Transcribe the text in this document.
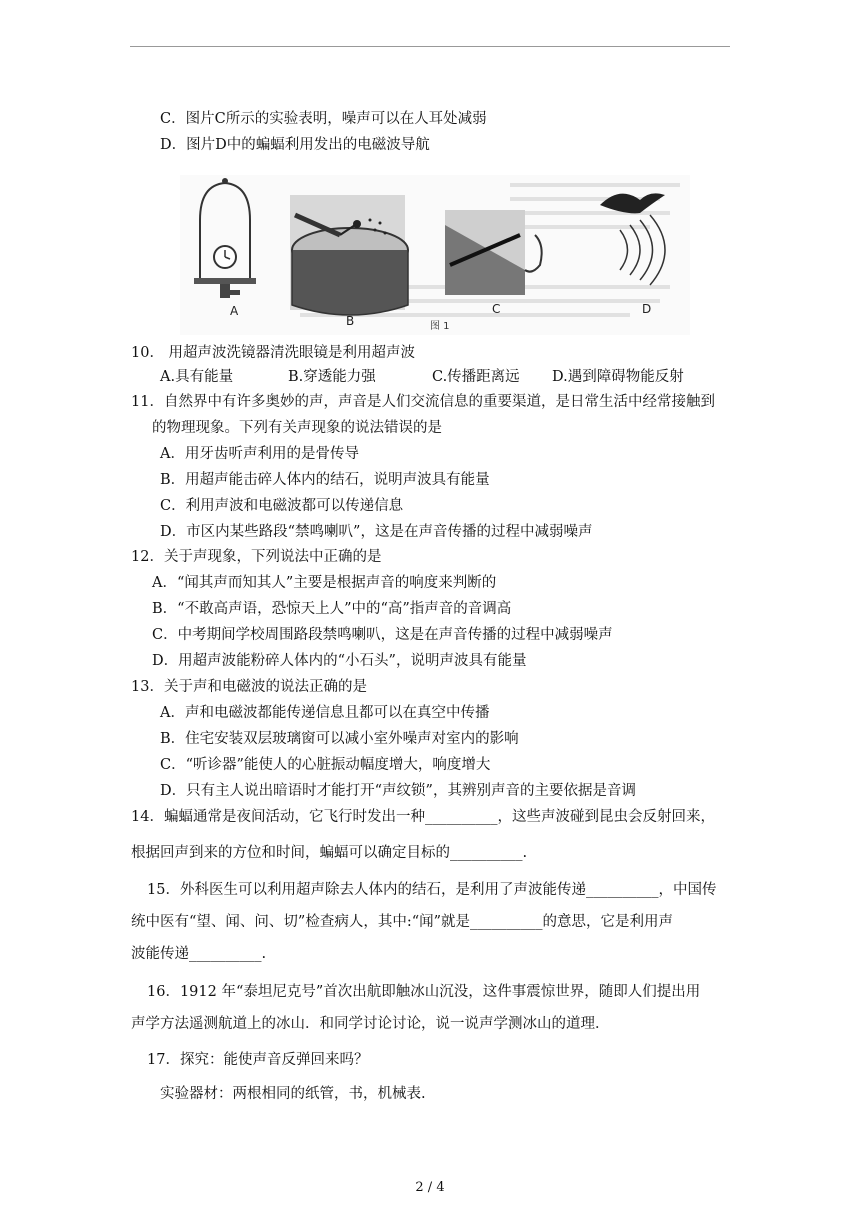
C．图片C所示的实验表明，噪声可以在人耳处减弱
D．图片D中的蝙蝠利用发出的电磁波导航
A
B
C	D
图 1
10． 用超声波洗镜器清洗眼镜是利用超声波
A.具有能量	B.穿透能力强	C.传播距离远 D.遇到障碍物能反射
11．自然界中有许多奥妙的声，声音是人们交流信息的重要渠道，是日常生活中经常接触到
的物理现象。下列有关声现象的说法错误的是
A．用牙齿听声利用的是骨传导
B．用超声能击碎人体内的结石，说明声波具有能量
C．利用声波和电磁波都可以传递信息
D．市区内某些路段“禁鸣喇叭”，这是在声音传播的过程中减弱噪声
12．关于声现象，下列说法中正确的是
A．“闻其声而知其人”主要是根据声音的响度来判断的
B．“不敢高声语，恐惊天上人”中的“高”指声音的音调高
C．中考期间学校周围路段禁鸣喇叭，这是在声音传播的过程中减弱噪声
D．用超声波能粉碎人体内的“小石头”，说明声波具有能量
13．关于声和电磁波的说法正确的是
A．声和电磁波都能传递信息且都可以在真空中传播
B．住宅安装双层玻璃窗可以减小室外噪声对室内的影响
C．“听诊器”能使人的心脏振动幅度增大，响度增大
D．只有主人说出暗语时才能打开“声纹锁”，其辨别声音的主要依据是音调
14．蝙蝠通常是夜间活动，它飞行时发出一种__________，这些声波碰到昆虫会反射回来，
根据回声到来的方位和时间，蝙蝠可以确定目标的__________.
15．外科医生可以利用超声除去人体内的结石，是利用了声波能传递__________，中国传
统中医有“望、闻、问、切”检查病人，其中:“闻”就是__________的意思，它是利用声
波能传递__________.
16．1912 年“泰坦尼克号”首次出航即触冰山沉没，这件事震惊世界，随即人们提出用
声学方法遥测航道上的冰山．和同学讨论讨论，说一说声学测冰山的道理．
17．探究：能使声音反弹回来吗？
实验器材：两根相同的纸管，书，机械表.
2 / 4
